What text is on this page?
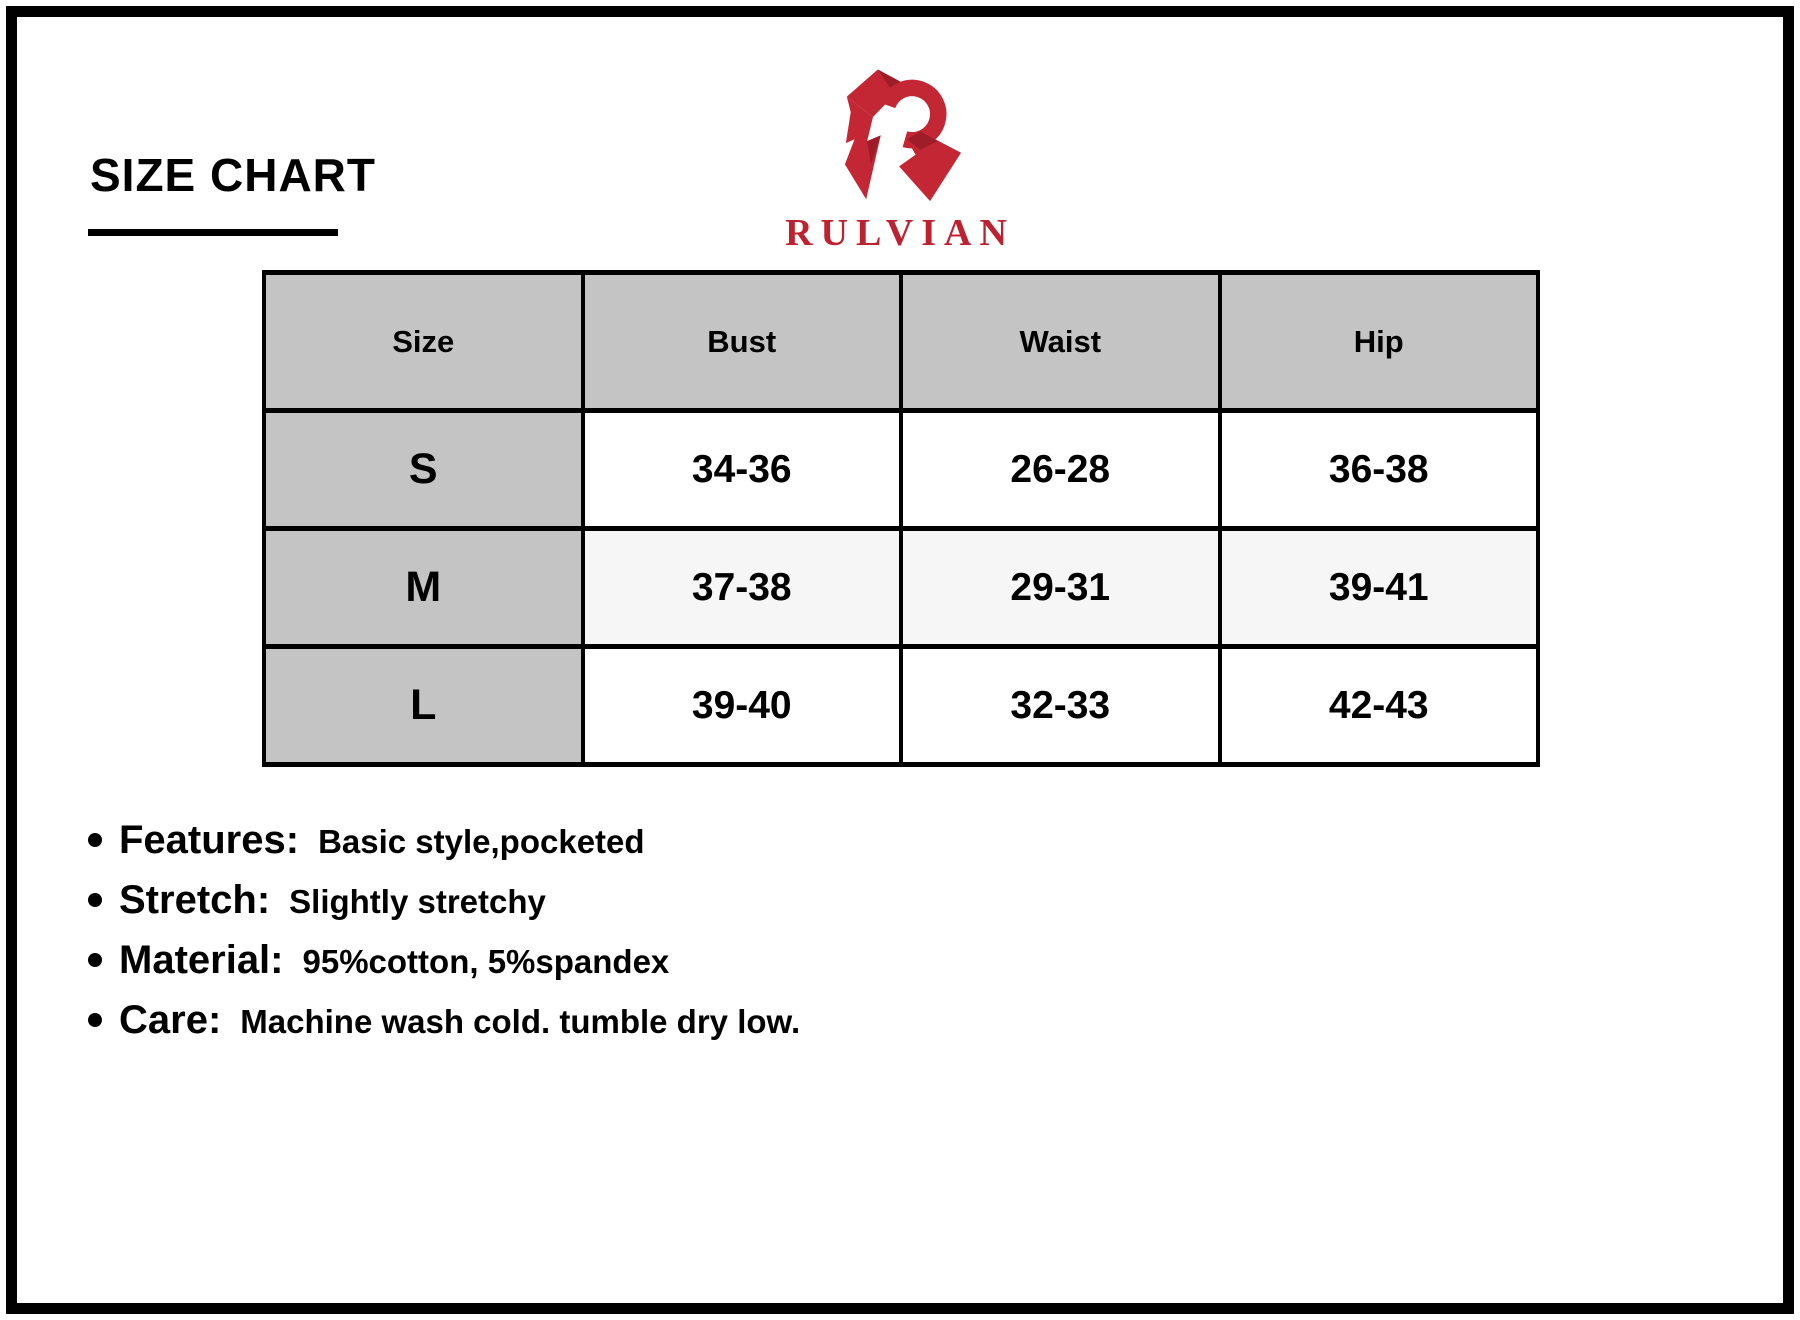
SIZE CHART
RULVIAN
Size	Bust	Waist	Hip
S	34-36	26-28	36-38
M	37-38	29-31	39-41
L	39-40	32-33	42-43
Features: Basic style,pocketed
Stretch: Slightly stretchy
Material: 95%cotton, 5%spandex
Care: Machine wash cold. tumble dry low.
